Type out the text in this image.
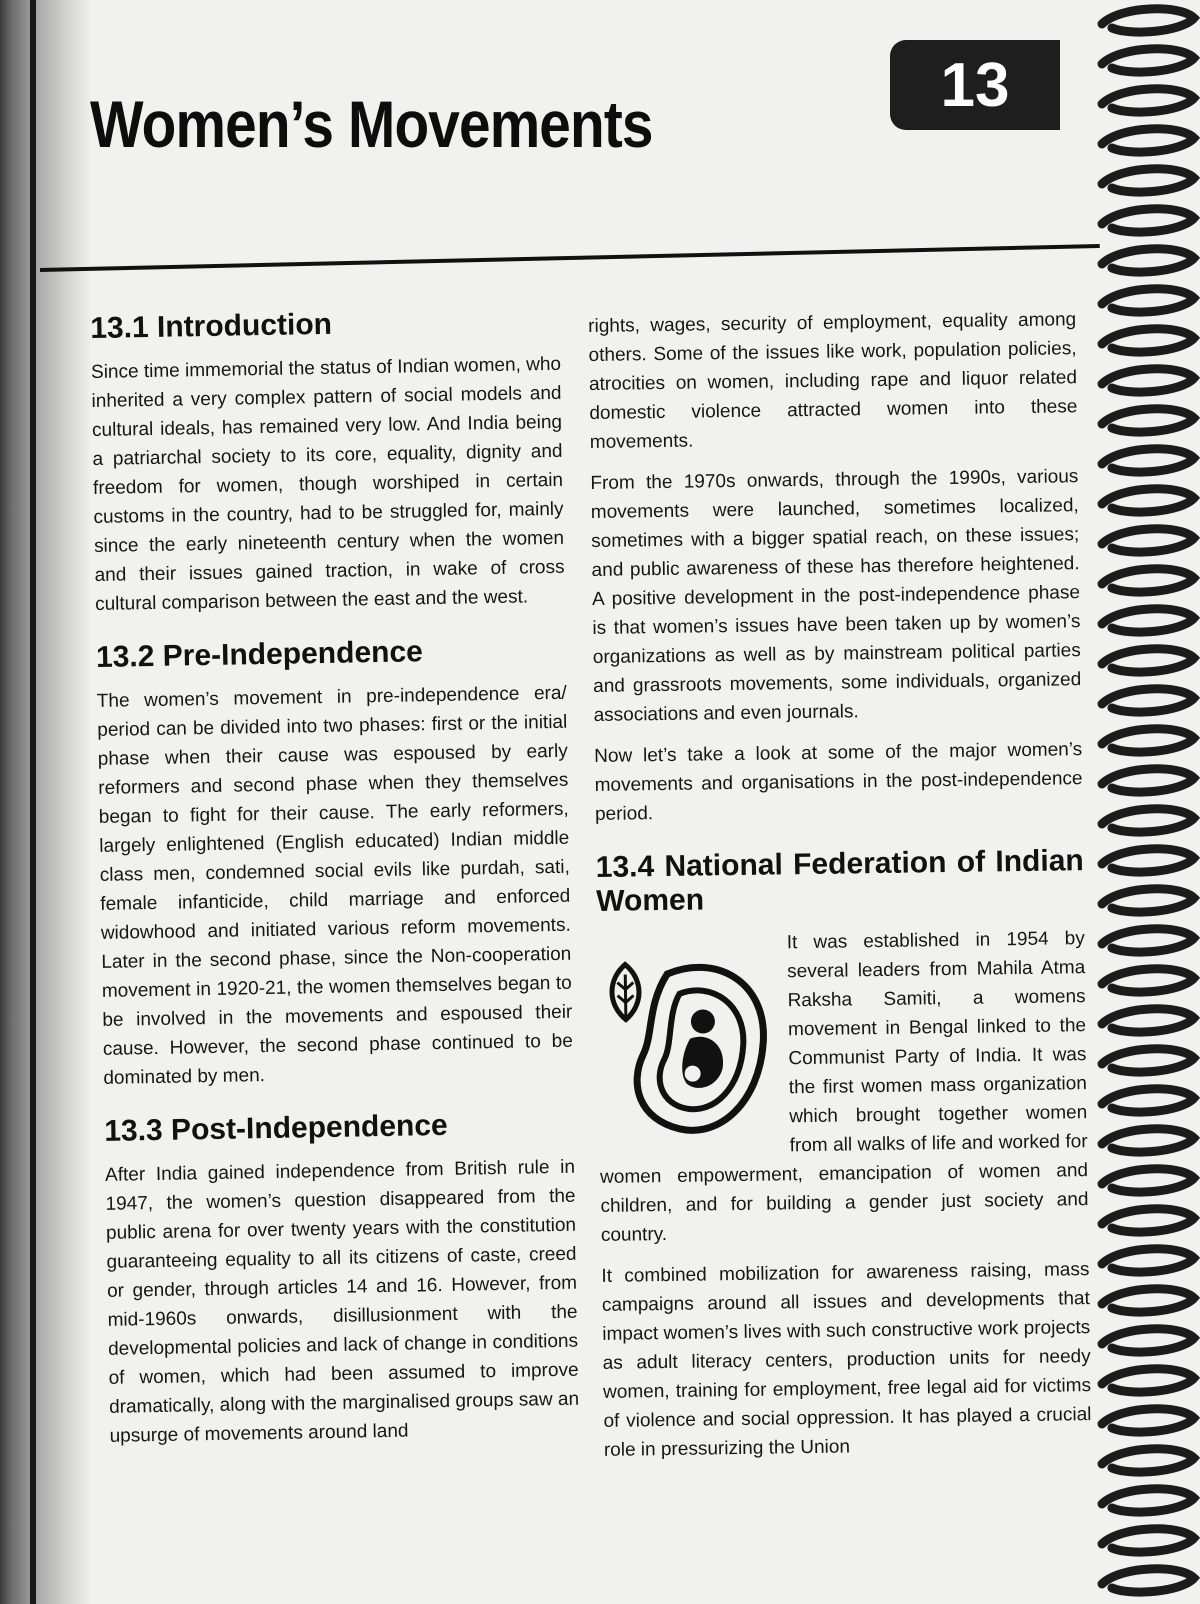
Women’s Movements
13
13.1 Introduction

Since time immemorial the status of Indian women, who inherited a very complex pattern of social models and cultural ideals, has remained very low. And India being a patriarchal society to its core, equality, dignity and freedom for women, though worshiped in certain customs in the country, had to be struggled for, mainly since the early nineteenth century when the women and their issues gained traction, in wake of cross cultural comparison between the east and the west.

13.2 Pre-Independence

The women’s movement in pre-independence era/ period can be divided into two phases: first or the initial phase when their cause was espoused by early reformers and second phase when they themselves began to fight for their cause. The early reformers, largely enlightened (English educated) Indian middle class men, condemned social evils like purdah, sati, female infanticide, child marriage and enforced widowhood and initiated various reform movements. Later in the second phase, since the Non-cooperation movement in 1920-21, the women themselves began to be involved in the movements and espoused their cause. However, the second phase continued to be dominated by men.

13.3 Post-Independence

After India gained independence from British rule in 1947, the women’s question disappeared from the public arena for over twenty years with the constitution guaranteeing equality to all its citizens of caste, creed or gender, through articles 14 and 16. However, from mid-1960s onwards, disillusionment with the developmental policies and lack of change in conditions of women, which had been assumed to improve dramatically, along with the marginalised groups saw an upsurge of movements around land

rights, wages, security of employment, equality among others. Some of the issues like work, population policies, atrocities on women, including rape and liquor related domestic violence attracted women into these movements.

From the 1970s onwards, through the 1990s, various movements were launched, sometimes localized, sometimes with a bigger spatial reach, on these issues; and public awareness of these has therefore heightened. A positive development in the post-independence phase is that women’s issues have been taken up by women’s organizations as well as by mainstream political parties and grassroots movements, some individuals, organized associations and even journals.

Now let’s take a look at some of the major women’s movements and organisations in the post-independence period.

13.4 National Federation of Indian Women

It was established in 1954 by several leaders from Mahila Atma Raksha Samiti, a womens movement in Bengal linked to the Communist Party of India. It was the first women mass organization which brought together women from all walks of life and worked for women empowerment, emancipation of women and children, and for building a gender just society and country.

It combined mobilization for awareness raising, mass campaigns around all issues and developments that impact women’s lives with such constructive work projects as adult literacy centers, production units for needy women, training for employment, free legal aid for victims of violence and social oppression. It has played a crucial role in pressurizing the Union
